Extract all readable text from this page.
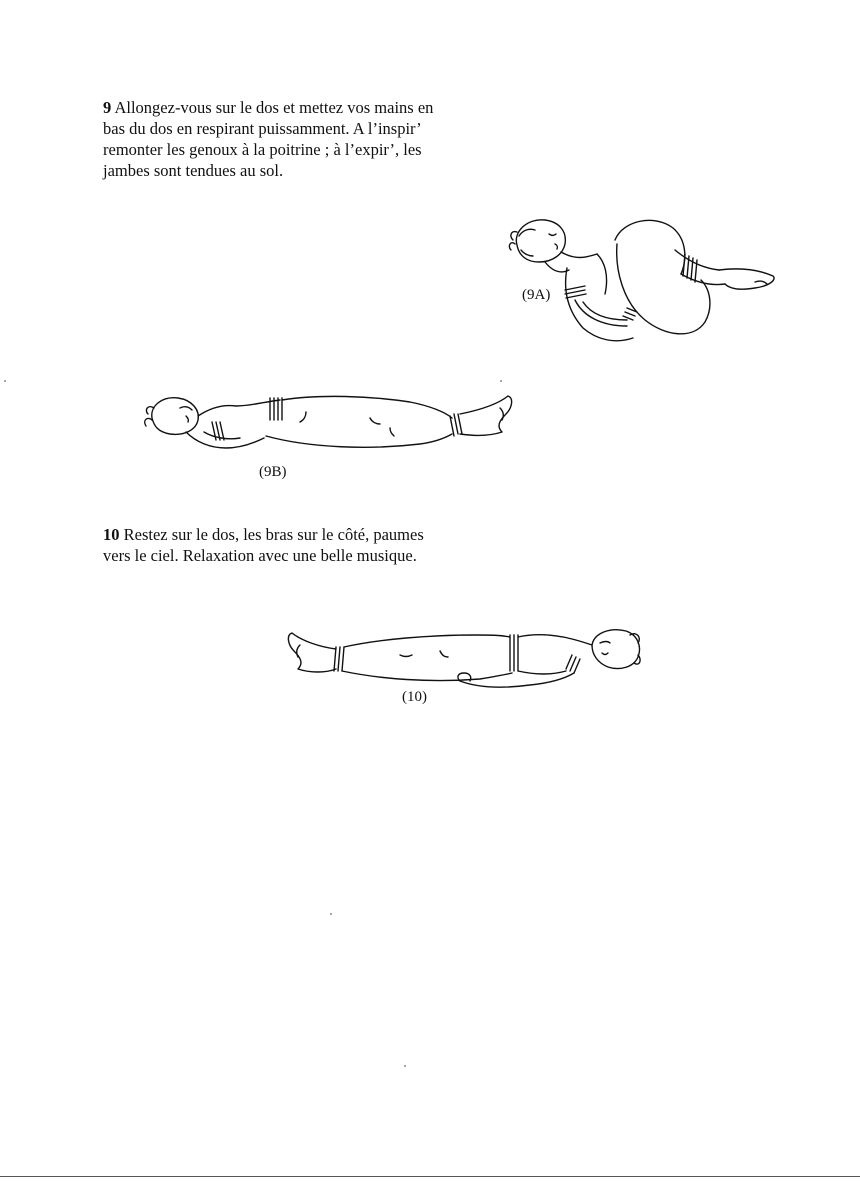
9 Allongez-vous sur le dos et mettez vos mains en bas du dos en respirant puissamment. A l’inspir’ remonter les genoux à la poitrine ; à l’expir’, les jambes sont tendues au sol.

(9A)
(9B)

10 Restez sur le dos, les bras sur le côté, paumes vers le ciel. Relaxation avec une belle musique.

(10)
